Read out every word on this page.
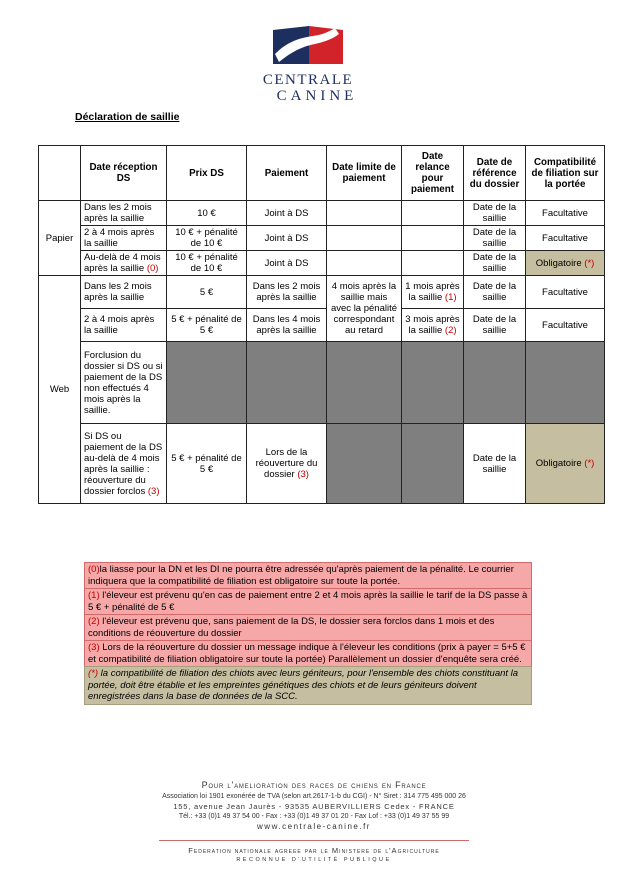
CENTRALE
CANINE
Déclaration de saillie
	Date réception DS	Prix DS	Paiement	Date limite de paiement	Date relance pour paiement	Date de référence du dossier	Compatibilité de filiation sur la portée
Papier	Dans les 2 mois après la saillie	10 €	Joint à DS			Date de la saillie	Facultative
	2 à 4 mois après la saillie	10 € + pénalité de 10 €	Joint à DS			Date de la saillie	Facultative
	Au-delà de 4 mois après la saillie (0)	10 € + pénalité de 10 €	Joint à DS			Date de la saillie	Obligatoire (*)
Web	Dans les 2 mois après la saillie	5 €	Dans les 2 mois après la saillie	4 mois après la saillie mais avec la pénalité correspondant au retard	1 mois après la saillie (1)	Date de la saillie	Facultative
	2 à 4 mois après la saillie	5 € + pénalité de 5 €	Dans les 4 mois après la saillie		3 mois après la saillie (2)	Date de la saillie	Facultative
	Forclusion du dossier si DS ou si paiement de la DS non effectués 4 mois après la saillie.						
	Si DS ou paiement de la DS au-delà de 4 mois après la saillie : réouverture du dossier forclos (3)	5 € + pénalité de 5 €	Lors de la réouverture du dossier (3)			Date de la saillie	Obligatoire (*)
(0)la liasse pour la DN et les DI ne pourra être adressée qu'après paiement de la pénalité. Le courrier indiquera que la compatibilité de filiation est obligatoire sur toute la portée.
(1) l'éleveur est prévenu qu'en cas de paiement entre 2 et 4 mois après la saillie le tarif de la DS passe à 5 € + pénalité de 5 €
(2) l'éleveur est prévenu que, sans paiement de la DS, le dossier sera forclos dans 1 mois et des conditions de réouverture du dossier
(3) Lors de la réouverture du dossier un message indique à l'éleveur les conditions (prix à payer = 5+5 € et compatibilité de filiation obligatoire sur toute la portée) Parallèlement un dossier d'enquête sera créé.
(*) la compatibilité de filiation des chiots avec leurs géniteurs, pour l'ensemble des chiots constituant la portée, doit être établie et les empreintes génétiques des chiots et de leurs géniteurs doivent enregistrées dans la base de données de la SCC.
Pour l'amelioration des races de chiens en France
Association loi 1901 exonérée de TVA (selon art.2617-1-b du CGI) - N° Siret : 314 775 495 000 26
155, avenue Jean Jaurès - 93535 AUBERVILLIERS Cedex - FRANCE
Tél.: +33 (0)1 49 37 54 00 - Fax : +33 (0)1 49 37 01 20 - Fax Lof : +33 (0)1 49 37 55 99
www.centrale-canine.fr
Federation nationale agreee par le Ministere de l'Agriculture
RECONNUE D'UTILITÉ PUBLIQUE
